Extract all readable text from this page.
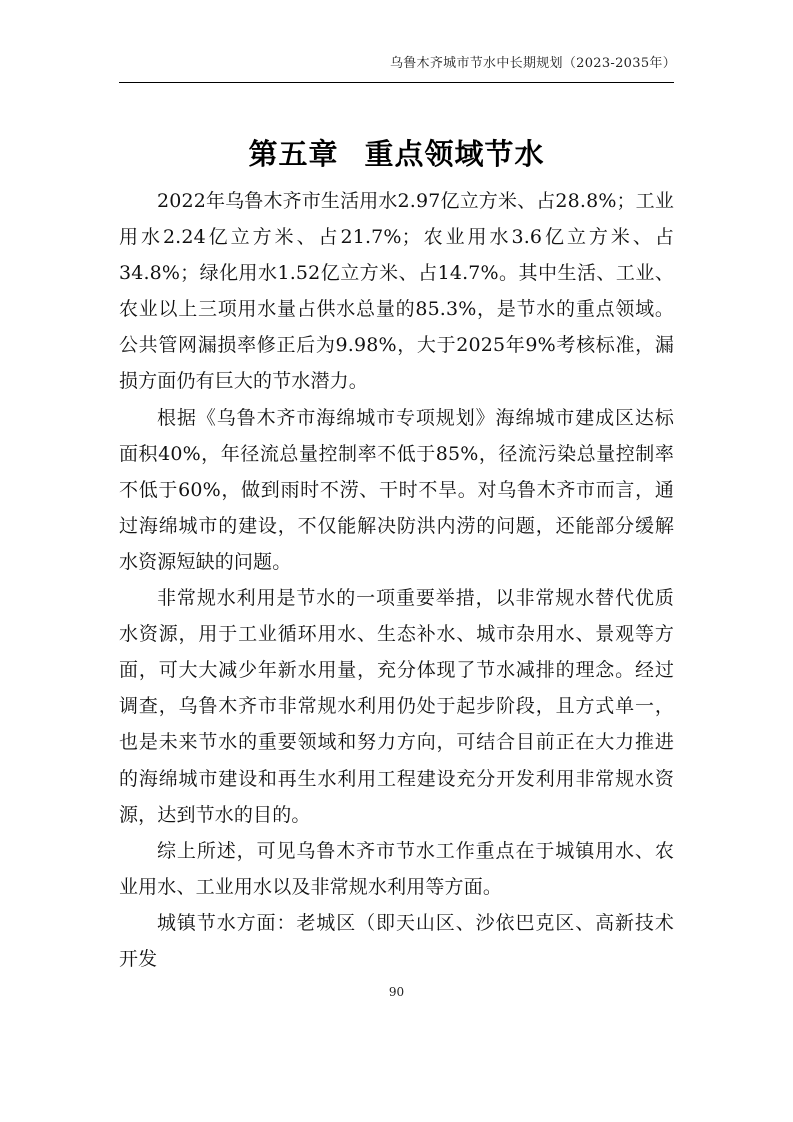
乌鲁木齐城市节水中长期规划（2023-2035年）
第五章 重点领域节水

2022年乌鲁木齐市生活用水2.97亿立方米、占28.8%；工业用水2.24亿立方米、占21.7%；农业用水3.6亿立方米、占34.8%；绿化用水1.52亿立方米、占14.7%。其中生活、工业、农业以上三项用水量占供水总量的85.3%，是节水的重点领域。公共管网漏损率修正后为9.98%，大于2025年9%考核标准，漏损方面仍有巨大的节水潜力。

根据《乌鲁木齐市海绵城市专项规划》海绵城市建成区达标面积40%，年径流总量控制率不低于85%，径流污染总量控制率不低于60%，做到雨时不涝、干时不旱。对乌鲁木齐市而言，通过海绵城市的建设，不仅能解决防洪内涝的问题，还能部分缓解水资源短缺的问题。

非常规水利用是节水的一项重要举措，以非常规水替代优质水资源，用于工业循环用水、生态补水、城市杂用水、景观等方面，可大大减少年新水用量，充分体现了节水减排的理念。经过调查，乌鲁木齐市非常规水利用仍处于起步阶段，且方式单一，也是未来节水的重要领域和努力方向，可结合目前正在大力推进的海绵城市建设和再生水利用工程建设充分开发利用非常规水资源，达到节水的目的。

综上所述，可见乌鲁木齐市节水工作重点在于城镇用水、农业用水、工业用水以及非常规水利用等方面。

城镇节水方面：老城区（即天山区、沙依巴克区、高新技术开发

90
